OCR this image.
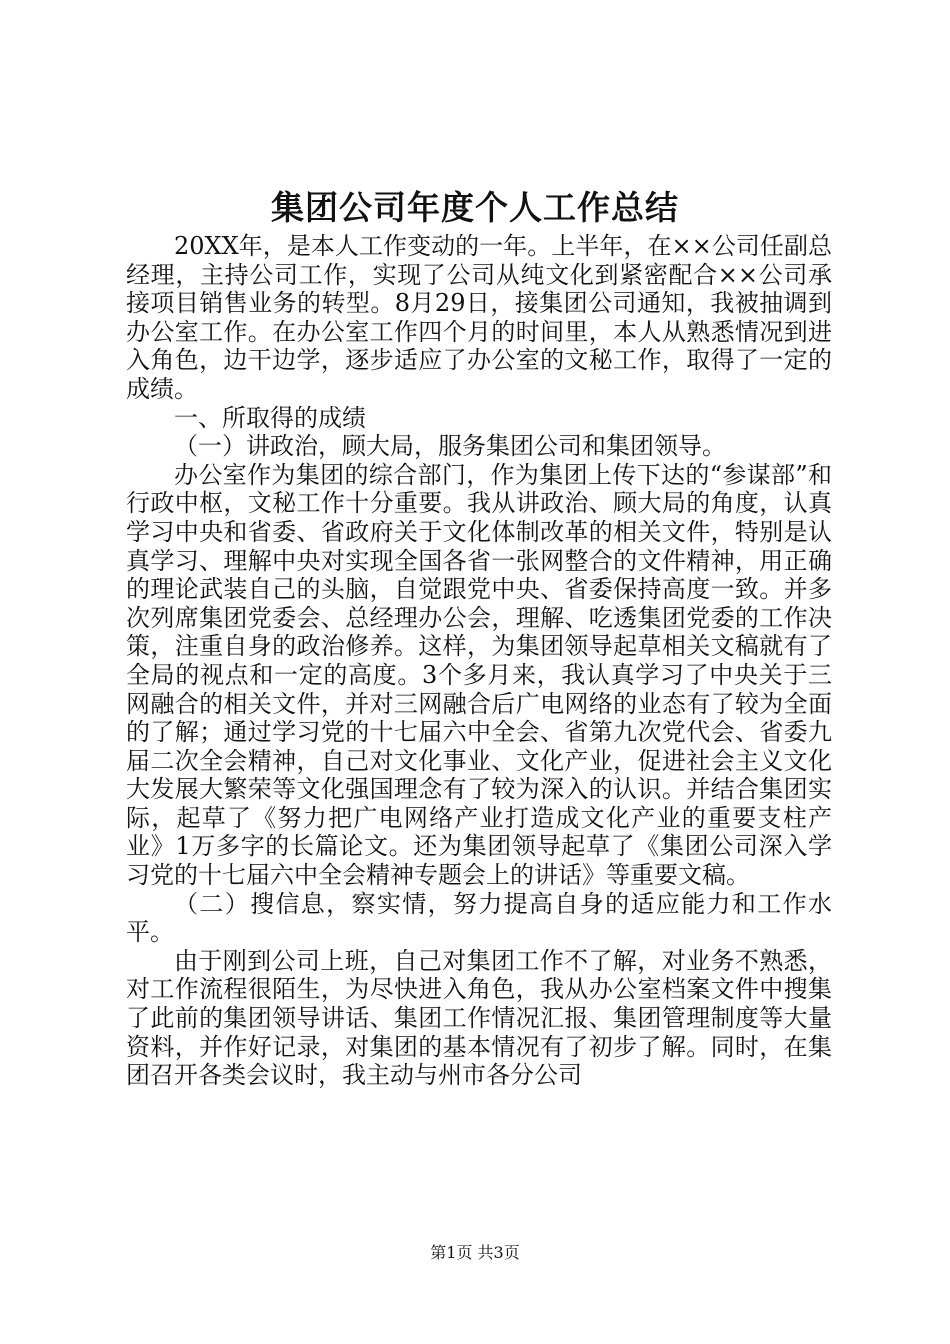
集团公司年度个人工作总结

20XX年，是本人工作变动的一年。上半年，在××公司任副总经理，主持公司工作，实现了公司从纯文化到紧密配合××公司承接项目销售业务的转型。8月29日，接集团公司通知，我被抽调到办公室工作。在办公室工作四个月的时间里，本人从熟悉情况到进入角色，边干边学，逐步适应了办公室的文秘工作，取得了一定的成绩。

一、所取得的成绩

（一）讲政治，顾大局，服务集团公司和集团领导。

办公室作为集团的综合部门，作为集团上传下达的“参谋部”和行政中枢，文秘工作十分重要。我从讲政治、顾大局的角度，认真学习中央和省委、省政府关于文化体制改革的相关文件，特别是认真学习、理解中央对实现全国各省一张网整合的文件精神，用正确的理论武装自己的头脑，自觉跟党中央、省委保持高度一致。并多次列席集团党委会、总经理办公会，理解、吃透集团党委的工作决策，注重自身的政治修养。这样，为集团领导起草相关文稿就有了全局的视点和一定的高度。3个多月来，我认真学习了中央关于三网融合的相关文件，并对三网融合后广电网络的业态有了较为全面的了解；通过学习党的十七届六中全会、省第九次党代会、省委九届二次全会精神，自己对文化事业、文化产业，促进社会主义文化大发展大繁荣等文化强国理念有了较为深入的认识。并结合集团实际，起草了《努力把广电网络产业打造成文化产业的重要支柱产业》1万多字的长篇论文。还为集团领导起草了《集团公司深入学习党的十七届六中全会精神专题会上的讲话》等重要文稿。

（二）搜信息，察实情，努力提高自身的适应能力和工作水平。

由于刚到公司上班，自己对集团工作不了解，对业务不熟悉，对工作流程很陌生，为尽快进入角色，我从办公室档案文件中搜集了此前的集团领导讲话、集团工作情况汇报、集团管理制度等大量资料，并作好记录，对集团的基本情况有了初步了解。同时，在集团召开各类会议时，我主动与州市各分公司

第1页 共3页
